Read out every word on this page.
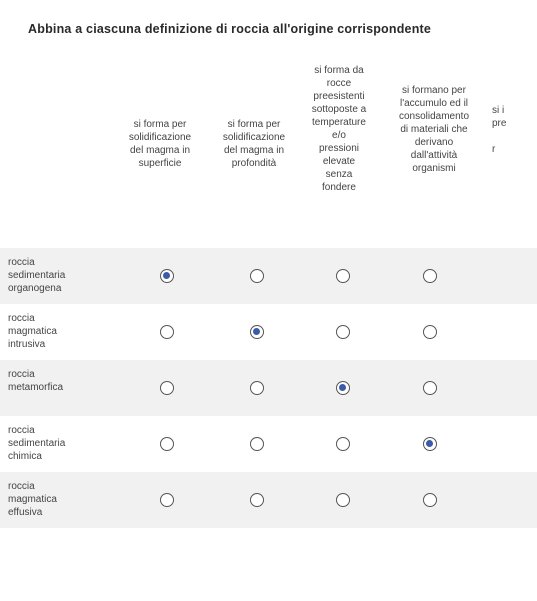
Abbina a ciascuna definizione di roccia all'origine corrispondente
si forma per
solidificazione
del magma in
superficie
si forma per
solidificazione
del magma in
profondità
si forma da
rocce
preesistenti
sottoposte a
temperature
e/o
pressioni
elevate
senza
fondere
si formano per
l'accumulo ed il
consolidamento
di materiali che
derivano
dall'attività
organismi
si i
pre

r
roccia
sedimentaria
organogena
roccia
magmatica
intrusiva
roccia
metamorfica
roccia
sedimentaria
chimica
roccia
magmatica
effusiva
